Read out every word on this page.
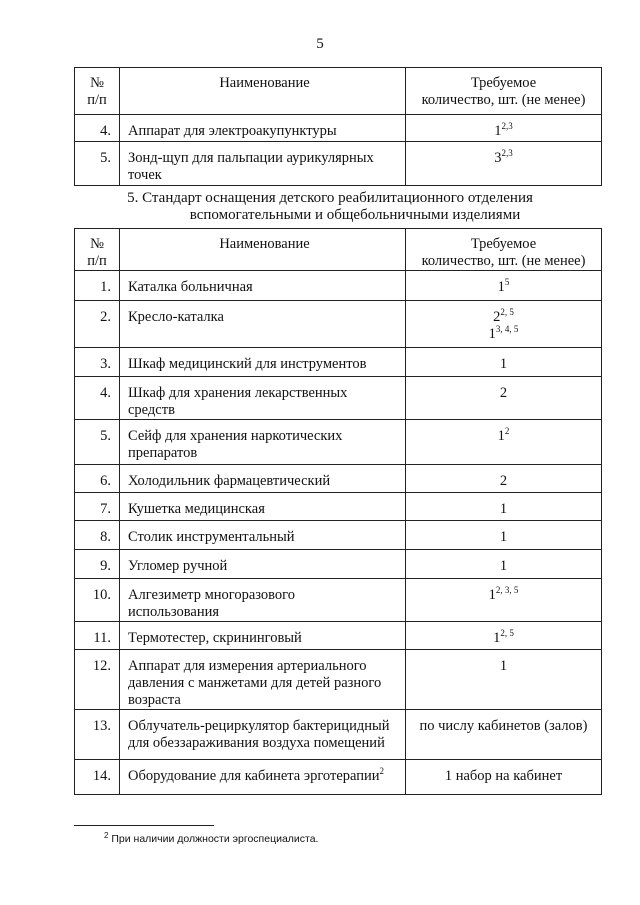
5
№
п/п	Наименование	Требуемое
количество, шт. (не менее)

4.	Аппарат для электроакупунктуры	1$^{2,3}$
5.	Зонд-щуп для пальпации аурикулярных
точек	3$^{2,3}$
5. Стандарт оснащения детского реабилитационного отделения
вспомогательными и общебольничными изделиями
№
п/п	Наименование	Требуемое
количество, шт. (не менее)

1.	Каталка больничная	$1^5$
2.	Кресло-каталка	2$^{2, 5}$
1$^{3, 4, 5}$

3.	Шкаф медицинский для инструментов	1
4.	Шкаф для хранения лекарственных
средств	2
5.	Сейф для хранения наркотических
препаратов	$1^2$
6.	Холодильник фармацевтический	2
7.	Кушетка медицинская	1
8.	Столик инструментальный	1
9.	Угломер ручной	1
10.	Алгезиметр многоразового
использования	1$^{2, 3, 5}$
11.	Термотестер, скрининговый	1$^{2, 5}$
12.	Аппарат для измерения артериального
давления с манжетами для детей разного
возраста	1
13.	Облучатель-рециркулятор бактерицидный
для обеззараживания воздуха помещений	по числу кабинетов (залов)
14.	Оборудование для кабинета эрготерапии$^2$	1 набор на кабинет
$^2$ При наличии должности эргоспециалиста.
